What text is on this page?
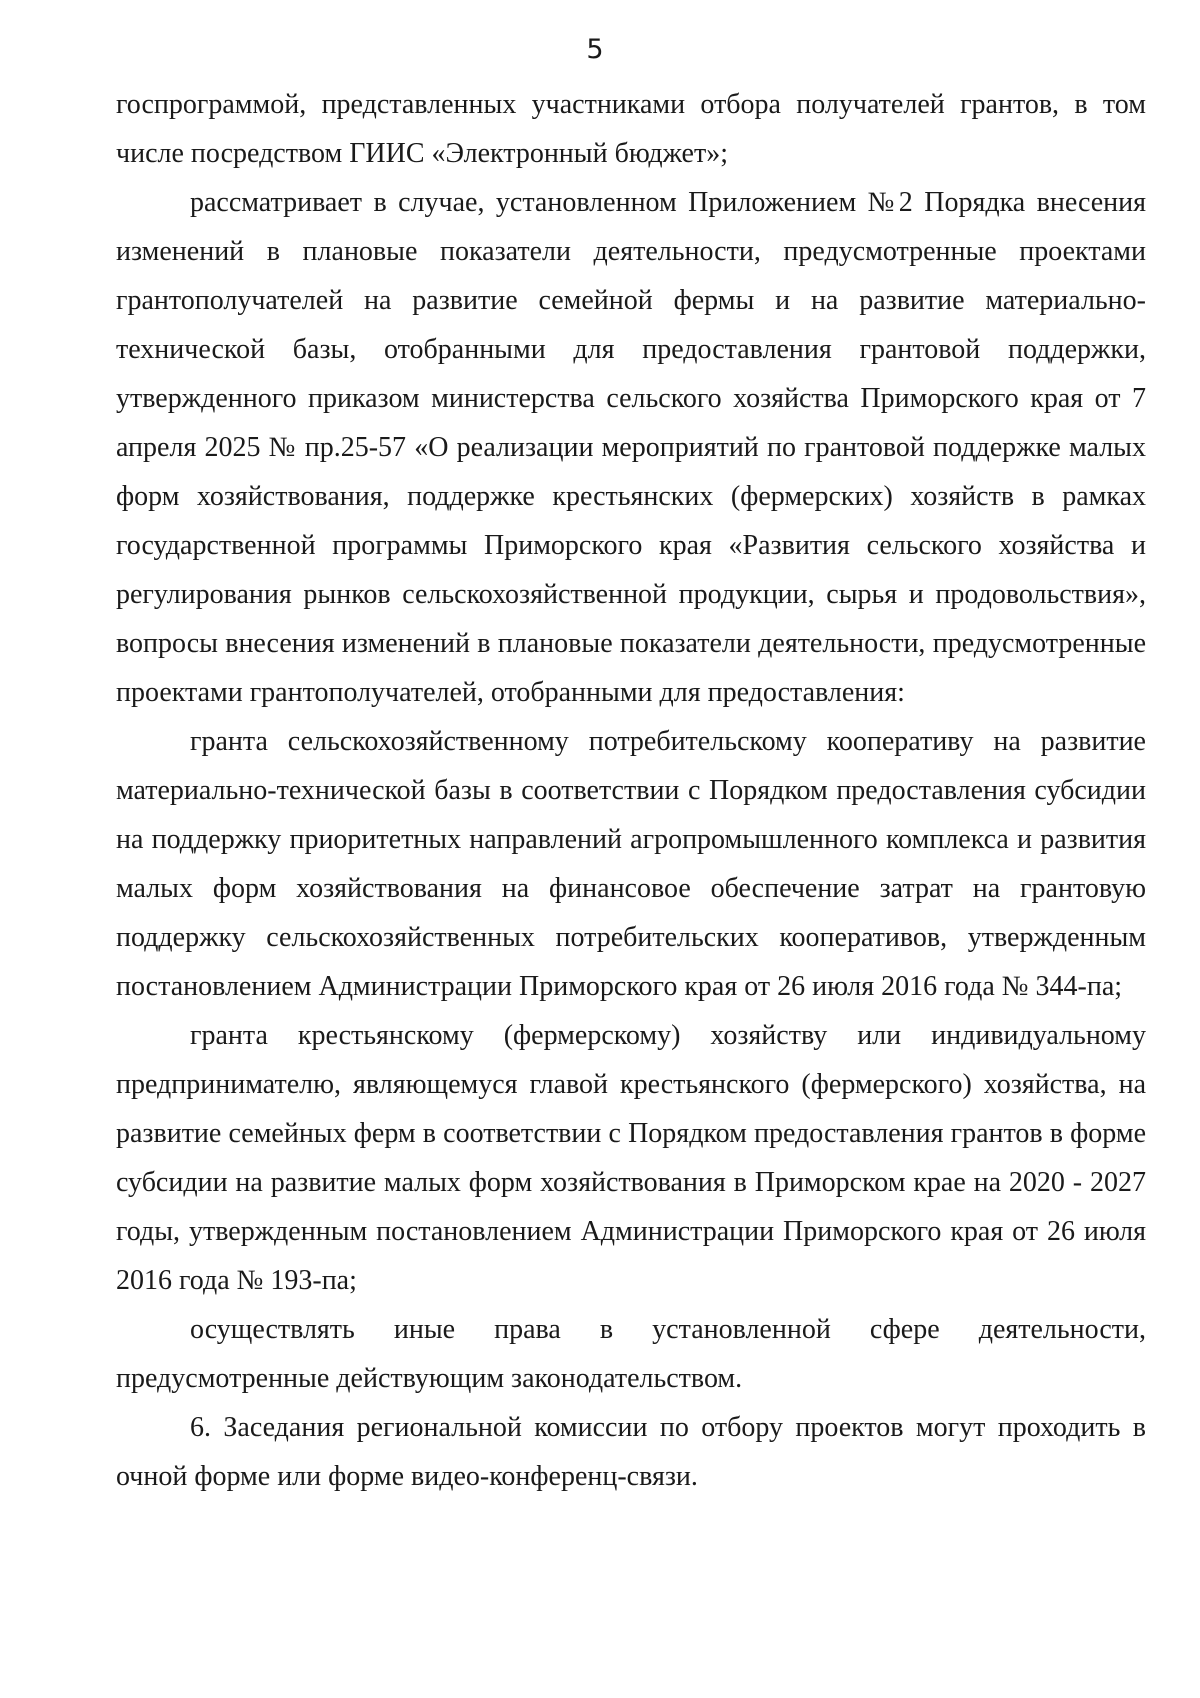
5

госпрограммой, представленных участниками отбора получателей грантов, в том числе посредством ГИИС «Электронный бюджет»;

рассматривает в случае, установленном Приложением №2 Порядка внесения изменений в плановые показатели деятельности, предусмотренные проектами грантополучателей на развитие семейной фермы и на развитие материально-технической базы, отобранными для предоставления грантовой поддержки, утвержденного приказом министерства сельского хозяйства Приморского края от 7 апреля 2025 № пр.25-57 «О реализации мероприятий по грантовой поддержке малых форм хозяйствования, поддержке крестьянских (фермерских) хозяйств в рамках государственной программы Приморского края «Развития сельского хозяйства и регулирования рынков сельскохозяйственной продукции, сырья и продовольствия», вопросы внесения изменений в плановые показатели деятельности, предусмотренные проектами грантополучателей, отобранными для предоставления:

гранта сельскохозяйственному потребительскому кооперативу на развитие материально-технической базы в соответствии с Порядком предоставления субсидии на поддержку приоритетных направлений агропромышленного комплекса и развития малых форм хозяйствования на финансовое обеспечение затрат на грантовую поддержку сельскохозяйственных потребительских кооперативов, утвержденным постановлением Администрации Приморского края от 26 июля 2016 года № 344-па;

гранта крестьянскому (фермерскому) хозяйству или индивидуальному предпринимателю, являющемуся главой крестьянского (фермерского) хозяйства, на развитие семейных ферм в соответствии с Порядком предоставления грантов в форме субсидии на развитие малых форм хозяйствования в Приморском крае на 2020 - 2027 годы, утвержденным постановлением Администрации Приморского края от 26 июля 2016 года № 193-па;

осуществлять иные права в установленной сфере деятельности, предусмотренные действующим законодательством.

6. Заседания региональной комиссии по отбору проектов могут проходить в очной форме или форме видео-конференц-связи.
